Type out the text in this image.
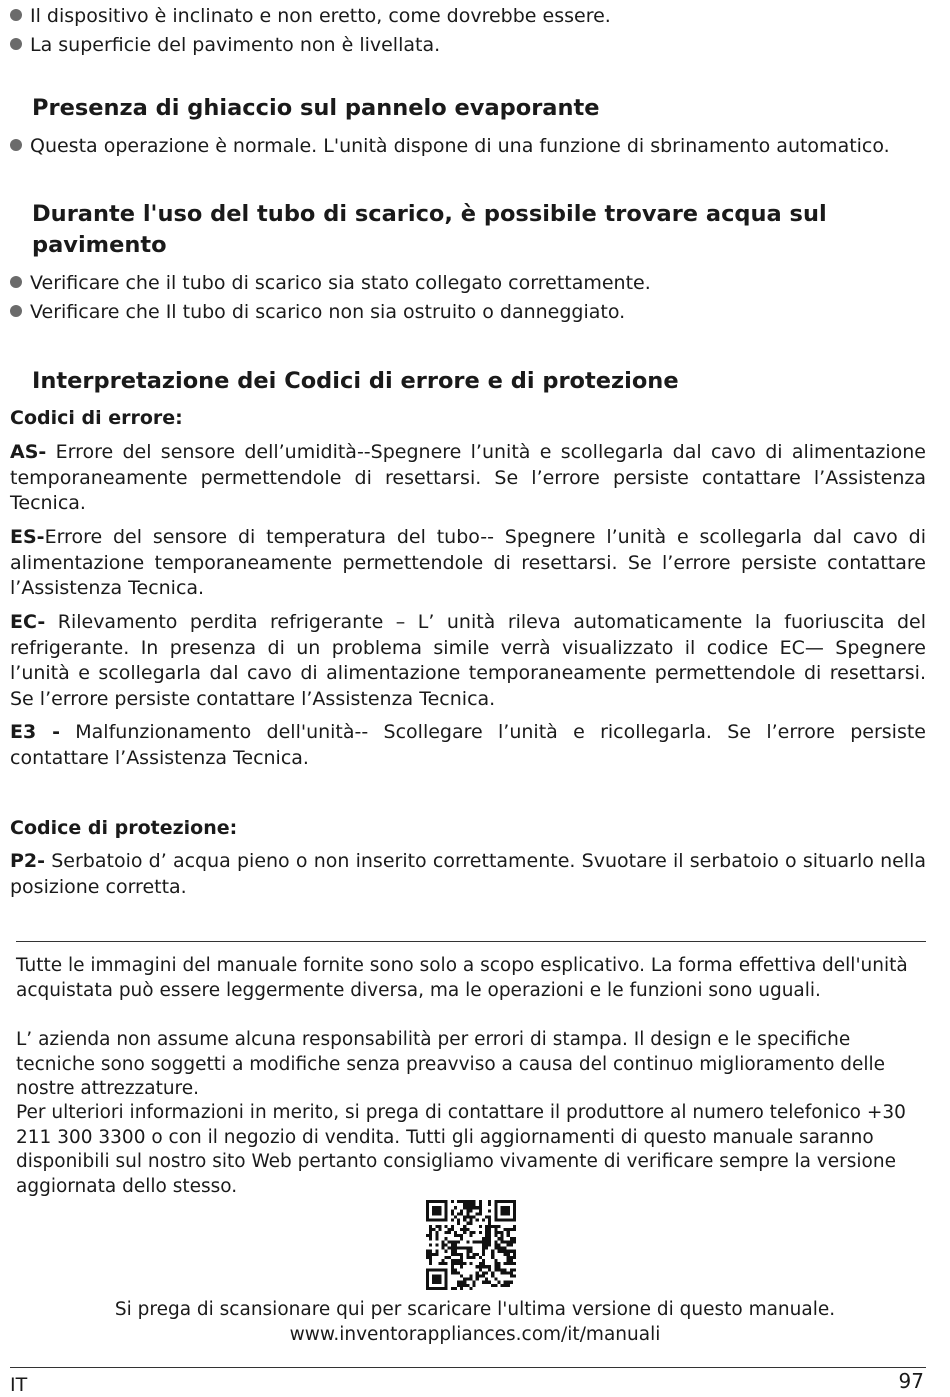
Il dispositivo è inclinato e non eretto, come dovrebbe essere.
La superficie del pavimento non è livellata.
Presenza di ghiaccio sul pannelo evaporante
Questa operazione è normale. L'unità dispone di una funzione di sbrinamento automatico.
Durante l'uso del tubo di scarico, è possibile trovare acqua sul pavimento
Verificare che il tubo di scarico sia stato collegato correttamente.
Verificare che Il tubo di scarico non sia ostruito o danneggiato.
Interpretazione dei Codici di errore e di protezione
Codici di errore:
AS- Errore del sensore dell’umidità--Spegnere l’unità e scollegarla dal cavo di alimentazione temporaneamente permettendole di resettarsi. Se l’errore persiste contattare l’Assistenza Tecnica.
ES-Errore del sensore di temperatura del tubo-- Spegnere l’unità e scollegarla dal cavo di alimentazione temporaneamente permettendole di resettarsi. Se l’errore persiste contattare l’Assistenza Tecnica.
EC- Rilevamento perdita refrigerante – L’ unità rileva automaticamente la fuoriuscita del refrigerante. In presenza di un problema simile verrà visualizzato il codice EC— Spegnere l’unità e scollegarla dal cavo di alimentazione temporaneamente permettendole di resettarsi. Se l’errore persiste contattare l’Assistenza Tecnica.
E3 - Malfunzionamento dell'unità-- Scollegare l’unità e ricollegarla. Se l’errore persiste contattare l’Assistenza Tecnica.
Codice di protezione:
P2- Serbatoio d’ acqua pieno o non inserito correttamente. Svuotare il serbatoio o situarlo nella posizione corretta.
Tutte le immagini del manuale fornite sono solo a scopo esplicativo. La forma effettiva dell'unità acquistata può essere leggermente diversa, ma le operazioni e le funzioni sono uguali.
L’ azienda non assume alcuna responsabilità per errori di stampa. Il design e le specifiche tecniche sono soggetti a modifiche senza preavviso a causa del continuo miglioramento delle nostre attrezzature.
Per ulteriori informazioni in merito, si prega di contattare il produttore al numero telefonico +30 211 300 3300 o con il negozio di vendita. Tutti gli aggiornamenti di questo manuale saranno disponibili sul nostro sito Web pertanto consigliamo vivamente di verificare sempre la versione aggiornata dello stesso.
Si prega di scansionare qui per scaricare l'ultima versione di questo manuale.
www.inventorappliances.com/it/manuali
IT	97
